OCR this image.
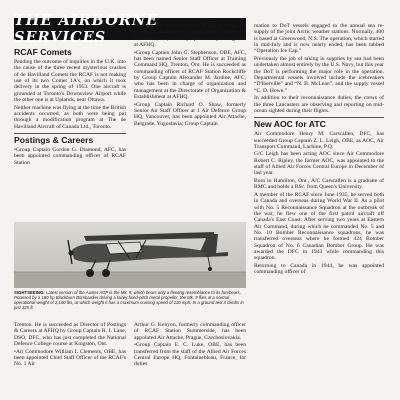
THE AIRBORNE SERVICES
RCAF Comets

Pending the outcome of inquiries in the U.K. into the cause of the three recent mysterious crashes of de Havilland Comets the RCAF is not making use of its two Comet 1A's, on which it took delivery in the spring of 1953. One aircraft is grounded at Toronto's Downsview Airport while the other one is at Uplands, near Ottawa.

Neither machine was flying at the time the British accidents occurred, as both were being put through a modification program at The de Havilland Aircraft of Canada Ltd., Toronto.

Postings & Careers

•Group Captain Gordon G. Diamond, AFC, has been appointed commanding officer of RCAF Station

England. He is succeeded at AFHQ as Associate for Standardization by Group Captain Charles W. Crossland, CD, formerly Special Project Engineer at AFHQ.

•Group Captain John G. Stephenson, OBE, AFC, has been named Senior Staff Officer at Training Command HQ, Trenton, Ont. He is succeeded as commanding officer of RCAF Station Rockcliffe by Group Captain Alexander M. Jardine, AFC, who has been in charge of organization and management at the Directorate of Organization & Establishment at AFHQ.

•Group Captain Richard O. Shaw, formerly Senior Air Staff Officer at 1 Air Defence Group HQ, Vancouver, has been appointed Air Attache, Belgrade, Yugoslavia; Group Captain

mation to DoT vessels engaged to the annual sea re-supply of the joint Arctic weather stations. Normally, 400 is based at Greenwood, N.S. The operation, which started in mid-July and is now nearly ended, has been tabbed “Operation Ice Cap.”

Previously the job of taking in supplies by sea had been undertaken almost entirely by the U.S. Navy, but this year the DoT is performing the major role in the operation. Departmental vessels involved include the icebreakers “D'Iberville” and “N. B. McLean”, and the supply vessel “C. D. Howe.”

In addition to their reconnaissance duties, the crews of the three Lancasters are observing and reporting on mid-ocean sighted during their flights.

New AOC for ATC

Air Commodore Henry M. Carscallen, DFC, has succeeded Group Captain Z. L. Leigh, OBE, as AOC, Air Transport Command, Lachine, P.Q.

G/C Leigh has been acting AOC since Air Commodore Robert C. Ripley, the former AOC, was appointed to the staff of Allied Air Forces Central Europe in December of last year.

Born in Hamilton, Ont., A/C Carscallen is a graduate of RMC and holds a BSc. from Queen's University.

A member of the RCAF since June 1935, he served both in Canada and overseas during World War II. As a pilot with No. 5 Reconnaissance Squadron at the outbreak of the war, he flew one of the first patrol aircraft off Canada's East Coast. After serving two years at Eastern Air Command, during which he commanded No. 5 and No. 10 Bomber Reconnaissance squadrons, he was transferred overseas where he formed 424 Bomber Squadron of No. 6 Canadian Bomber Group. He was awarded the DFC in 1943 while commanding this squadron.

Returning to Canada in 1944, he was appointed commanding officer of

SIGHTSEEING: Latest version of the Auster AOP is the Mk. 9, which bears only a fleeting resemblance to its forebears. Powered by a 180 hp Blackburn Bombardier driving a fairey fixed-pitch metal propeller, the Mk. 9 flies at a normal operational weight of 2,100 lbs, at which weight it has a maximum cruising speed of 110 mph. In a ground test it climbs in just 325 ft.

Trenton. He is succeeded as Director of Postings & Careers at AFHQ by Group Captain R. J. Lane, DSO, DFC, who has just completed the National Defence College course at Kingston, Ont.

•Air Commodore William I. Clements, OBE, has been appointed Chief Staff Officer of the RCAF's No. 1 Air

Arthur G. Kenyon, formerly commanding officer of RCAF Station Summerside, has been appointed Air Attache, Prague, Czechoslovakia.

•Group Captain E. C. Luke, OBE, has been transferred from the staff of the Allied Air Forces Central Europe HQ, Fontainebleau, France, for duties
